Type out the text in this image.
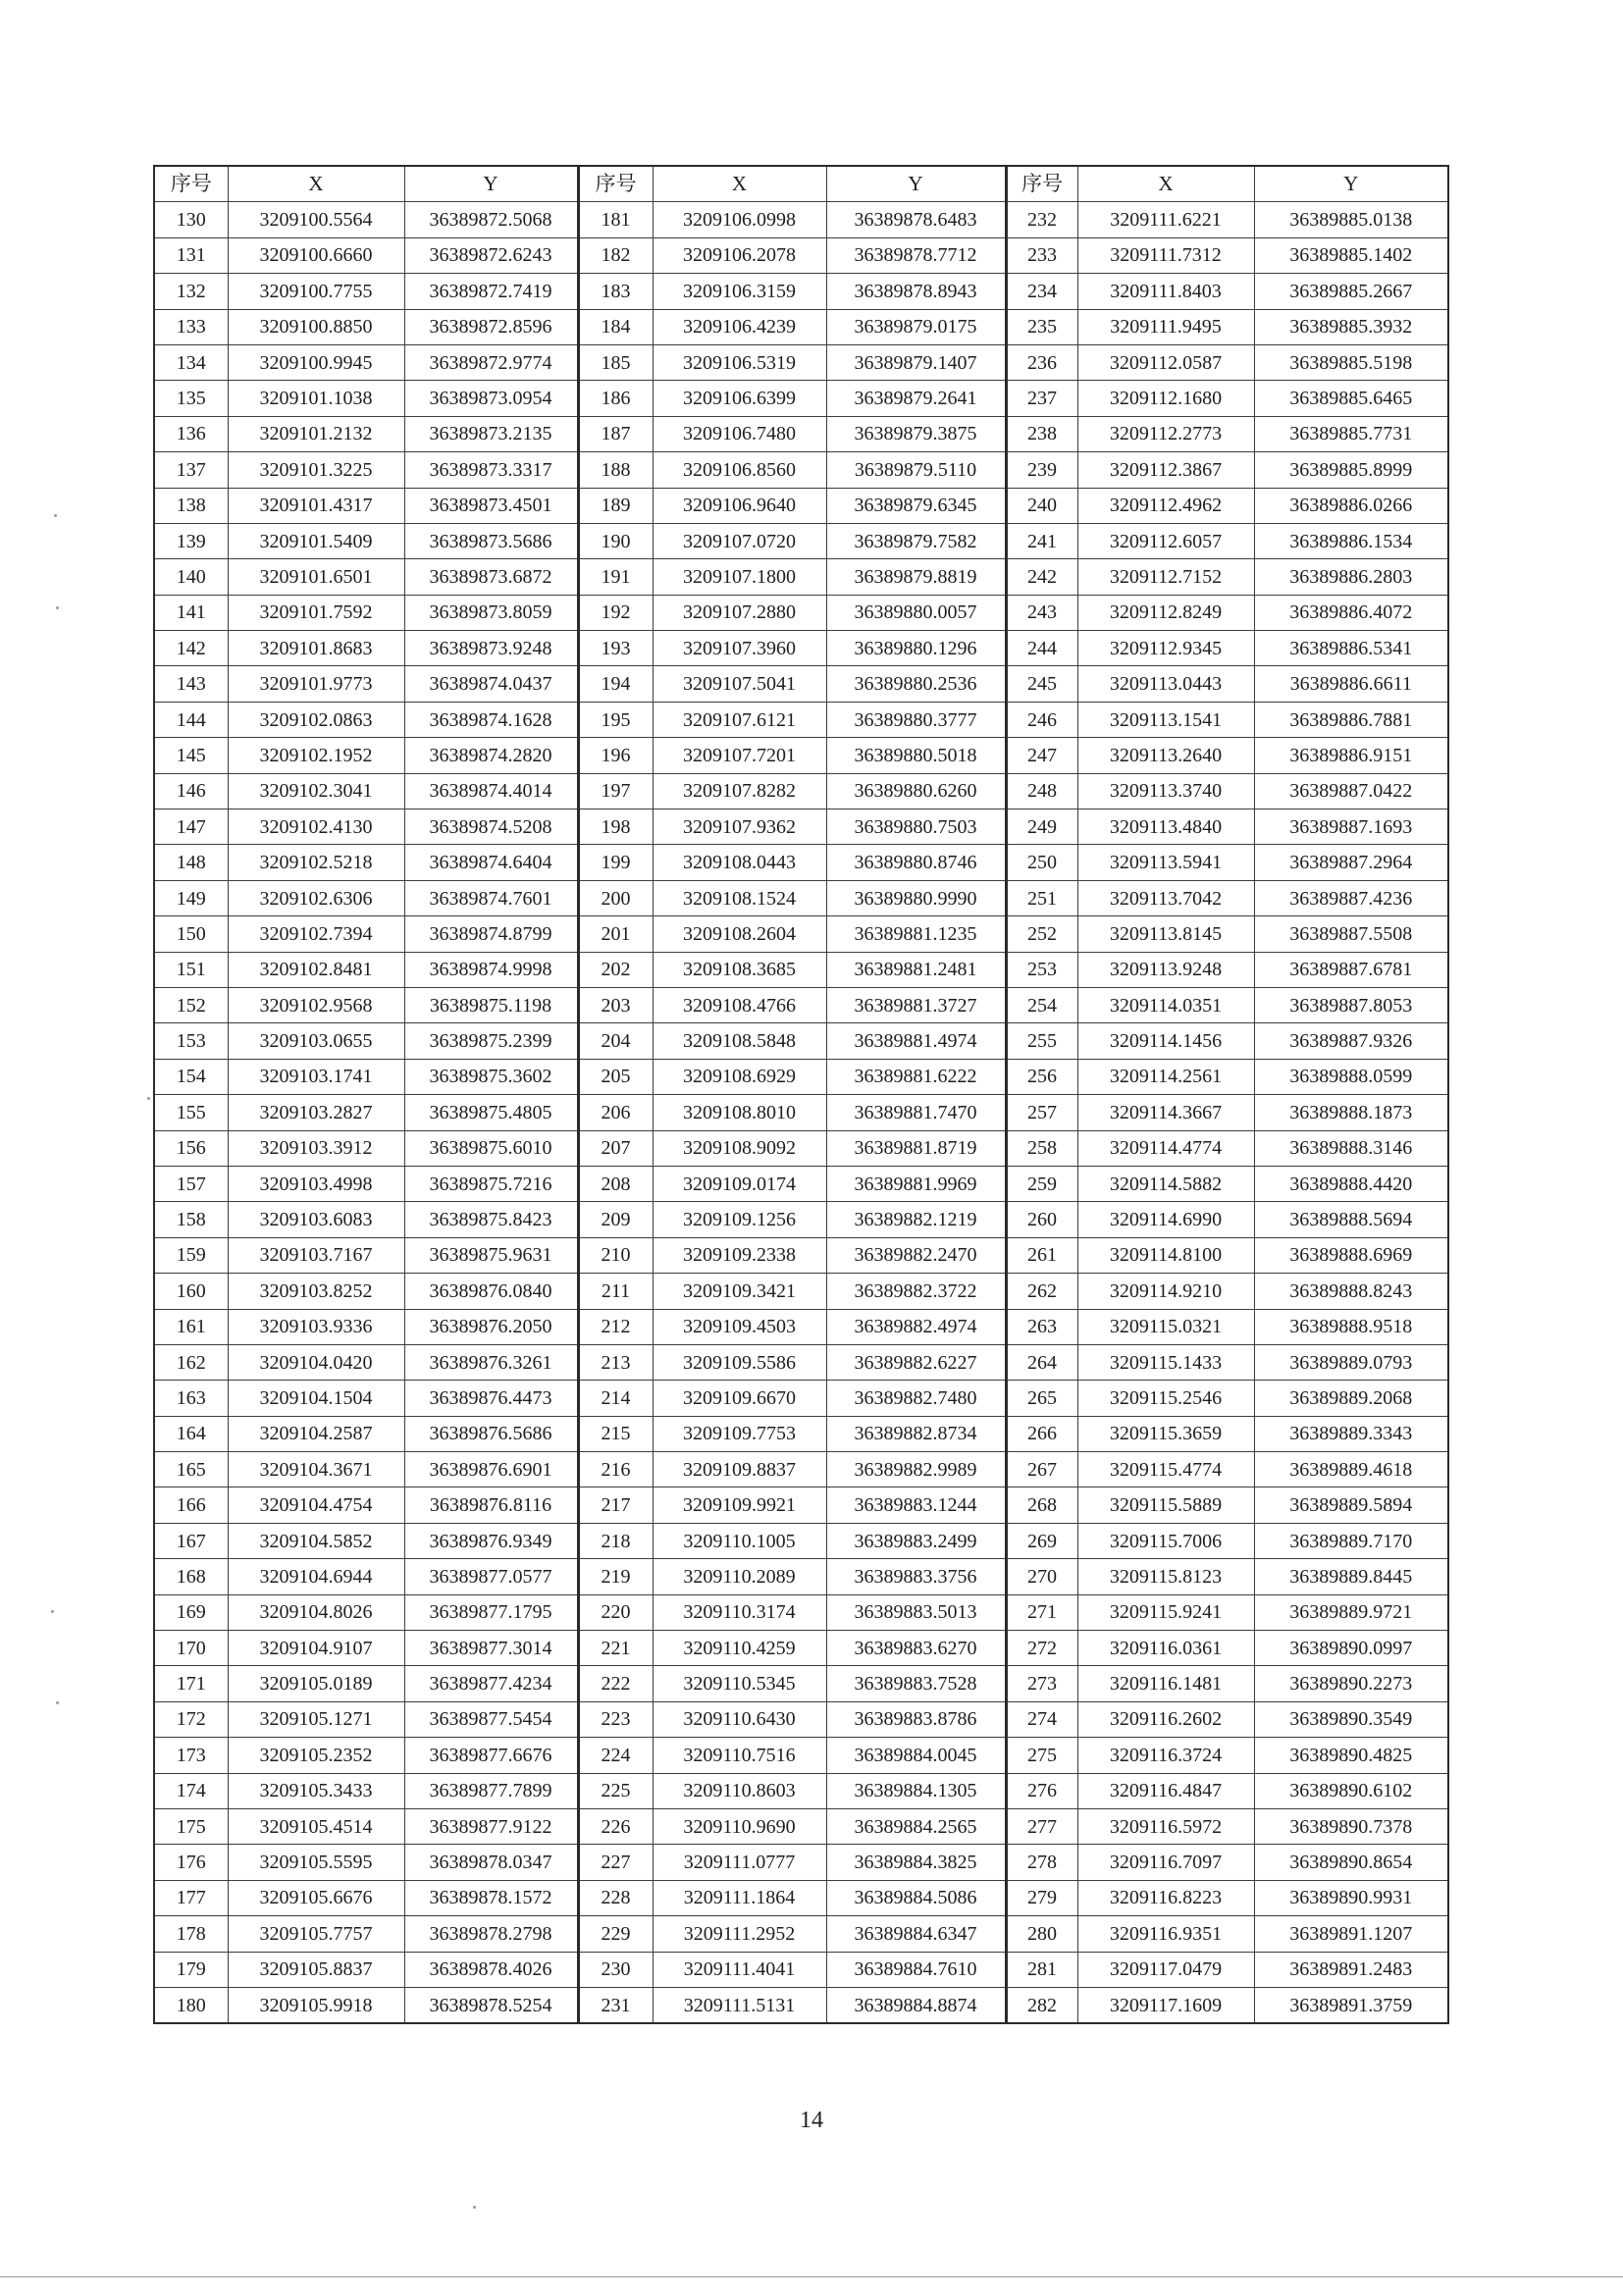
序号	X	Y	序号	X	Y	序号	X	Y
130	3209100.5564	36389872.5068	181	3209106.0998	36389878.6483	232	3209111.6221	36389885.0138
131	3209100.6660	36389872.6243	182	3209106.2078	36389878.7712	233	3209111.7312	36389885.1402
132	3209100.7755	36389872.7419	183	3209106.3159	36389878.8943	234	3209111.8403	36389885.2667
133	3209100.8850	36389872.8596	184	3209106.4239	36389879.0175	235	3209111.9495	36389885.3932
134	3209100.9945	36389872.9774	185	3209106.5319	36389879.1407	236	3209112.0587	36389885.5198
135	3209101.1038	36389873.0954	186	3209106.6399	36389879.2641	237	3209112.1680	36389885.6465
136	3209101.2132	36389873.2135	187	3209106.7480	36389879.3875	238	3209112.2773	36389885.7731
137	3209101.3225	36389873.3317	188	3209106.8560	36389879.5110	239	3209112.3867	36389885.8999
138	3209101.4317	36389873.4501	189	3209106.9640	36389879.6345	240	3209112.4962	36389886.0266
139	3209101.5409	36389873.5686	190	3209107.0720	36389879.7582	241	3209112.6057	36389886.1534
140	3209101.6501	36389873.6872	191	3209107.1800	36389879.8819	242	3209112.7152	36389886.2803
141	3209101.7592	36389873.8059	192	3209107.2880	36389880.0057	243	3209112.8249	36389886.4072
142	3209101.8683	36389873.9248	193	3209107.3960	36389880.1296	244	3209112.9345	36389886.5341
143	3209101.9773	36389874.0437	194	3209107.5041	36389880.2536	245	3209113.0443	36389886.6611
144	3209102.0863	36389874.1628	195	3209107.6121	36389880.3777	246	3209113.1541	36389886.7881
145	3209102.1952	36389874.2820	196	3209107.7201	36389880.5018	247	3209113.2640	36389886.9151
146	3209102.3041	36389874.4014	197	3209107.8282	36389880.6260	248	3209113.3740	36389887.0422
147	3209102.4130	36389874.5208	198	3209107.9362	36389880.7503	249	3209113.4840	36389887.1693
148	3209102.5218	36389874.6404	199	3209108.0443	36389880.8746	250	3209113.5941	36389887.2964
149	3209102.6306	36389874.7601	200	3209108.1524	36389880.9990	251	3209113.7042	36389887.4236
150	3209102.7394	36389874.8799	201	3209108.2604	36389881.1235	252	3209113.8145	36389887.5508
151	3209102.8481	36389874.9998	202	3209108.3685	36389881.2481	253	3209113.9248	36389887.6781
152	3209102.9568	36389875.1198	203	3209108.4766	36389881.3727	254	3209114.0351	36389887.8053
153	3209103.0655	36389875.2399	204	3209108.5848	36389881.4974	255	3209114.1456	36389887.9326
154	3209103.1741	36389875.3602	205	3209108.6929	36389881.6222	256	3209114.2561	36389888.0599
155	3209103.2827	36389875.4805	206	3209108.8010	36389881.7470	257	3209114.3667	36389888.1873
156	3209103.3912	36389875.6010	207	3209108.9092	36389881.8719	258	3209114.4774	36389888.3146
157	3209103.4998	36389875.7216	208	3209109.0174	36389881.9969	259	3209114.5882	36389888.4420
158	3209103.6083	36389875.8423	209	3209109.1256	36389882.1219	260	3209114.6990	36389888.5694
159	3209103.7167	36389875.9631	210	3209109.2338	36389882.2470	261	3209114.8100	36389888.6969
160	3209103.8252	36389876.0840	211	3209109.3421	36389882.3722	262	3209114.9210	36389888.8243
161	3209103.9336	36389876.2050	212	3209109.4503	36389882.4974	263	3209115.0321	36389888.9518
162	3209104.0420	36389876.3261	213	3209109.5586	36389882.6227	264	3209115.1433	36389889.0793
163	3209104.1504	36389876.4473	214	3209109.6670	36389882.7480	265	3209115.2546	36389889.2068
164	3209104.2587	36389876.5686	215	3209109.7753	36389882.8734	266	3209115.3659	36389889.3343
165	3209104.3671	36389876.6901	216	3209109.8837	36389882.9989	267	3209115.4774	36389889.4618
166	3209104.4754	36389876.8116	217	3209109.9921	36389883.1244	268	3209115.5889	36389889.5894
167	3209104.5852	36389876.9349	218	3209110.1005	36389883.2499	269	3209115.7006	36389889.7170
168	3209104.6944	36389877.0577	219	3209110.2089	36389883.3756	270	3209115.8123	36389889.8445
169	3209104.8026	36389877.1795	220	3209110.3174	36389883.5013	271	3209115.9241	36389889.9721
170	3209104.9107	36389877.3014	221	3209110.4259	36389883.6270	272	3209116.0361	36389890.0997
171	3209105.0189	36389877.4234	222	3209110.5345	36389883.7528	273	3209116.1481	36389890.2273
172	3209105.1271	36389877.5454	223	3209110.6430	36389883.8786	274	3209116.2602	36389890.3549
173	3209105.2352	36389877.6676	224	3209110.7516	36389884.0045	275	3209116.3724	36389890.4825
174	3209105.3433	36389877.7899	225	3209110.8603	36389884.1305	276	3209116.4847	36389890.6102
175	3209105.4514	36389877.9122	226	3209110.9690	36389884.2565	277	3209116.5972	36389890.7378
176	3209105.5595	36389878.0347	227	3209111.0777	36389884.3825	278	3209116.7097	36389890.8654
177	3209105.6676	36389878.1572	228	3209111.1864	36389884.5086	279	3209116.8223	36389890.9931
178	3209105.7757	36389878.2798	229	3209111.2952	36389884.6347	280	3209116.9351	36389891.1207
179	3209105.8837	36389878.4026	230	3209111.4041	36389884.7610	281	3209117.0479	36389891.2483
180	3209105.9918	36389878.5254	231	3209111.5131	36389884.8874	282	3209117.1609	36389891.3759
14
